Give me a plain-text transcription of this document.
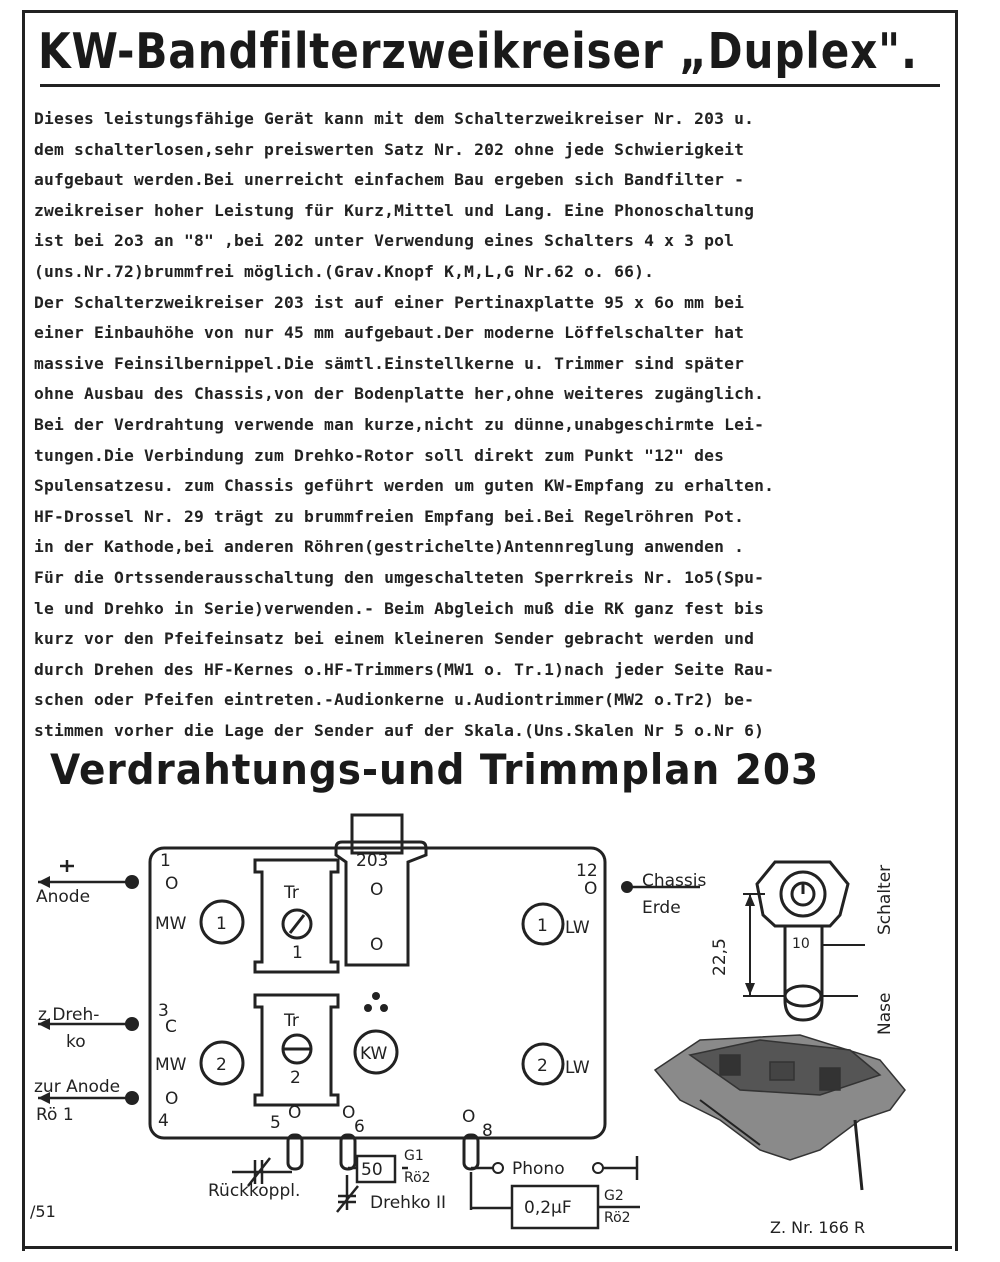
KW-Bandfilterzweikreiser „Duplex".

Dieses leistungsfähige Gerät kann mit dem Schalterzweikreiser Nr. 203 u.

dem schalterlosen,sehr preiswerten Satz Nr. 202 ohne jede Schwierigkeit

aufgebaut werden.Bei unerreicht einfachem Bau ergeben sich Bandfilter -

zweikreiser hoher Leistung für Kurz,Mittel und Lang. Eine Phonoschaltung

ist bei 2o3 an "8" ,bei 202 unter Verwendung eines Schalters 4 x 3 pol

(uns.Nr.72)brummfrei möglich.(Grav.Knopf K,M,L,G Nr.62 o. 66).

Der Schalterzweikreiser 203 ist auf einer Pertinaxplatte 95 x 6o mm bei

einer Einbauhöhe von nur 45 mm aufgebaut.Der moderne Löffelschalter hat

massive Feinsilbernippel.Die sämtl.Einstellkerne u. Trimmer sind später

ohne Ausbau des Chassis,von der Bodenplatte her,ohne weiteres zugänglich.

Bei der Verdrahtung verwende man kurze,nicht zu dünne,unabgeschirmte Lei-

tungen.Die Verbindung zum Drehko-Rotor soll direkt zum Punkt "12" des

Spulensatzesu. zum Chassis geführt werden um guten KW-Empfang zu erhalten.

HF-Drossel Nr. 29 trägt zu brummfreien Empfang bei.Bei Regelröhren Pot.

in der Kathode,bei anderen Röhren(gestrichelte)Antennreglung anwenden .

Für die Ortssenderausschaltung den umgeschalteten Sperrkreis Nr. 1o5(Spu-

le und Drehko in Serie)verwenden.- Beim Abgleich muß die RK ganz fest bis

kurz vor den Pfeifeinsatz bei einem kleineren Sender gebracht werden und

durch Drehen des HF-Kernes o.HF-Trimmers(MW1 o. Tr.1)nach jeder Seite Rau-

schen oder Pfeifen eintreten.-Audionkerne u.Audiontrimmer(MW2 o.Tr2) be-

stimmen vorher die Lage der Sender auf der Skala.(Uns.Skalen Nr 5 o.Nr 6)

Verdrahtungs-und Trimmplan 203
Anode
z Dreh-
ko
zur Anode
Rö 1
Chassis
Erde
1
O
3
C
O
4
12
O
5 O O
6	O
8
203
O
O
MW 1
MW 2
1 LW
2 LW
KW
Tr
1
Tr
2
Rückkoppl.
50
G1
Rö2
Drehko II
Phono
0,2µF
G2
Rö2
22,5	10
Schalter
Nase
/51
Z. Nr. 166 R
